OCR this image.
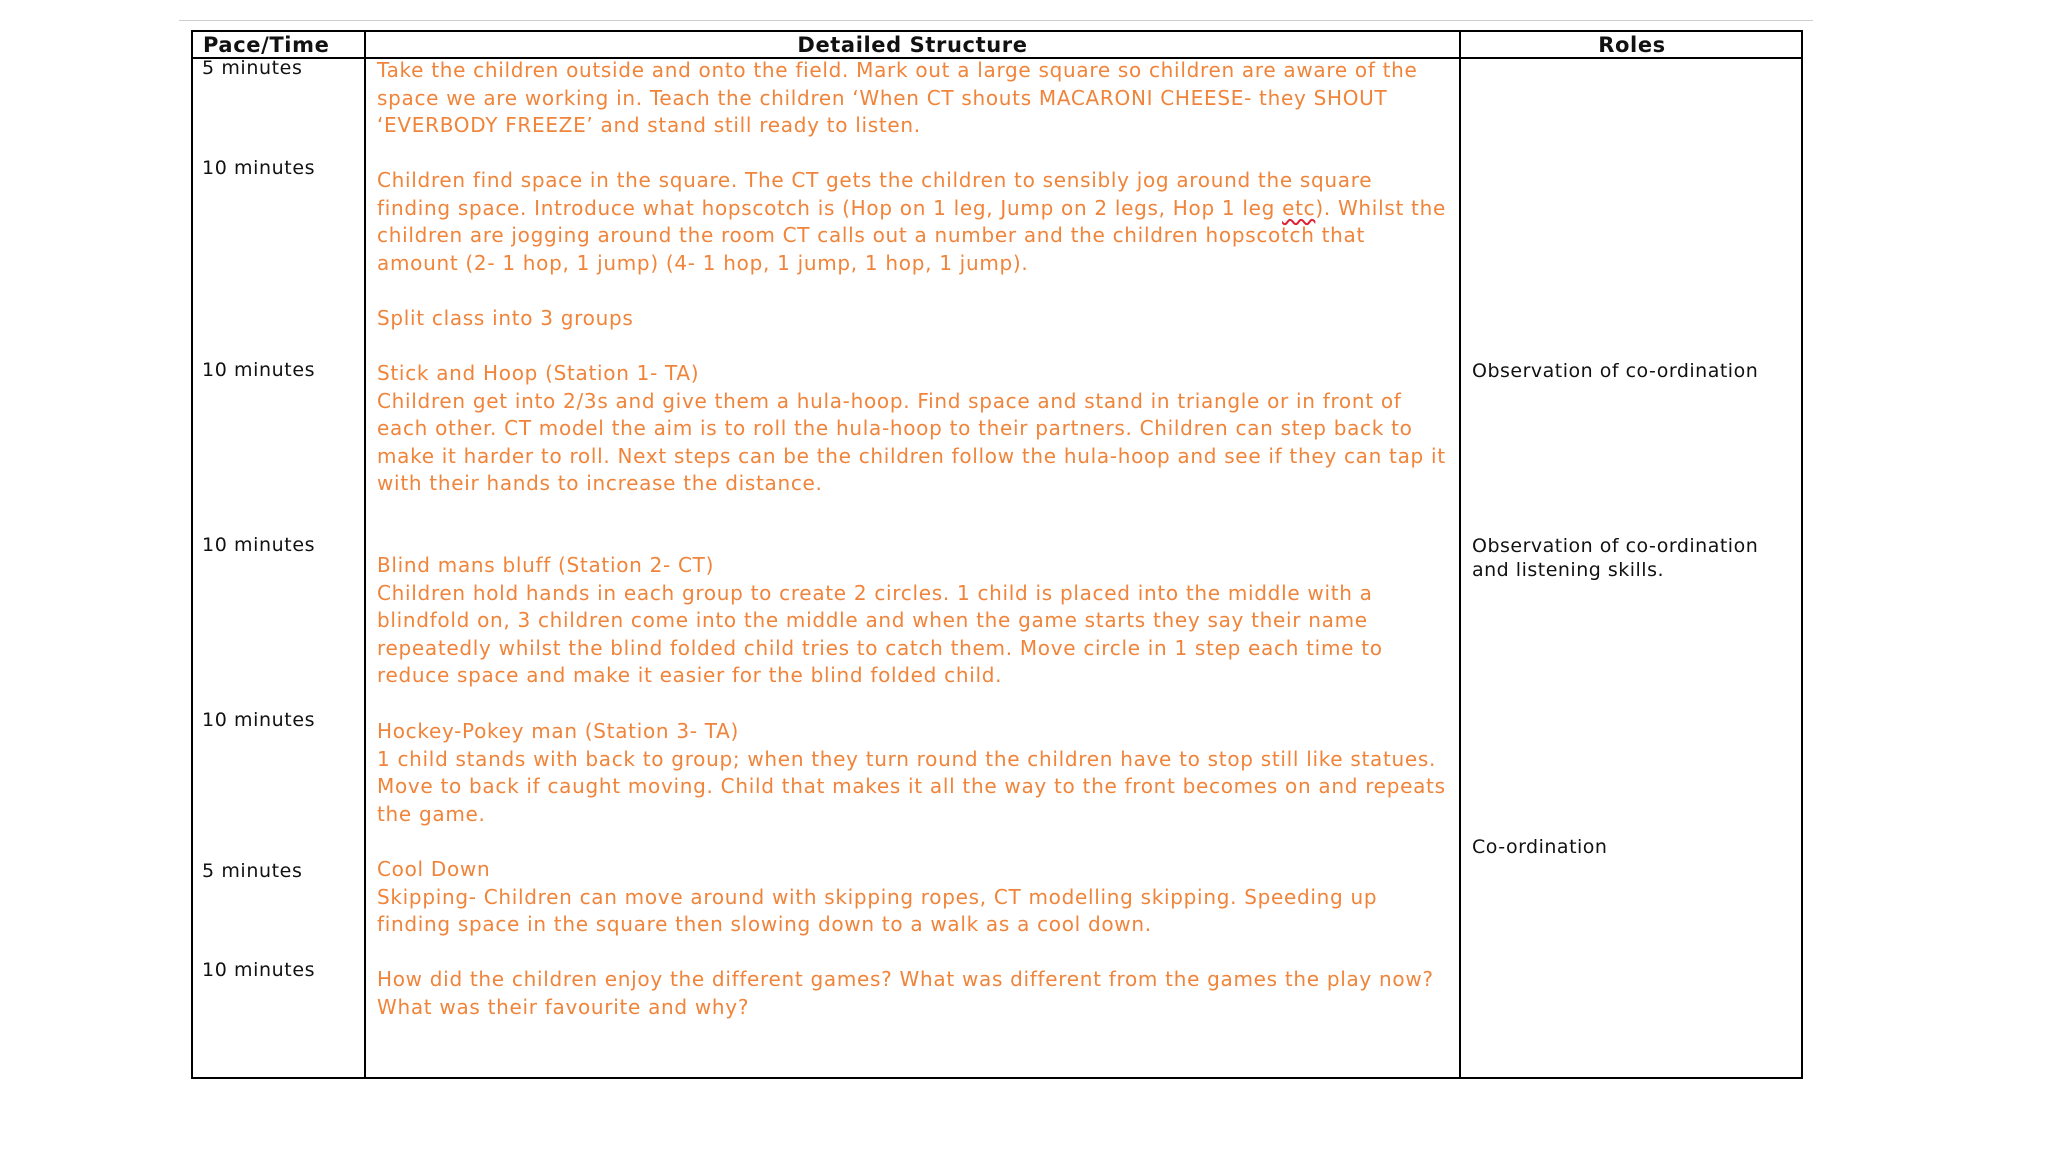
Pace/Time	Detailed Structure	Roles
5 minutes
10 minutes
10 minutes
10 minutes
10 minutes
5 minutes
10 minutes

Take the children outside and onto the field. Mark out a large square so children are aware of the space we are working in. Teach the children ‘When CT shouts MACARONI CHEESE- they SHOUT ‘EVERBODY FREEZE’ and stand still ready to listen.

Children find space in the square. The CT gets the children to sensibly jog around the square finding space. Introduce what hopscotch is (Hop on 1 leg, Jump on 2 legs, Hop 1 leg etc). Whilst the children are jogging around the room CT calls out a number and the children hopscotch that amount (2- 1 hop, 1 jump) (4- 1 hop, 1 jump, 1 hop, 1 jump).

Split class into 3 groups

Stick and Hoop (Station 1- TA)

Children get into 2/3s and give them a hula-hoop. Find space and stand in triangle or in front of each other. CT model the aim is to roll the hula-hoop to their partners. Children can step back to make it harder to roll. Next steps can be the children follow the hula-hoop and see if they can tap it with their hands to increase the distance.

Blind mans bluff (Station 2- CT)

Children hold hands in each group to create 2 circles. 1 child is placed into the middle with a blindfold on, 3 children come into the middle and when the game starts they say their name repeatedly whilst the blind folded child tries to catch them. Move circle in 1 step each time to reduce space and make it easier for the blind folded child.

Hockey-Pokey man (Station 3- TA)

1 child stands with back to group; when they turn round the children have to stop still like statues. Move to back if caught moving. Child that makes it all the way to the front becomes on and repeats the game.

Cool Down

Skipping- Children can move around with skipping ropes, CT modelling skipping. Speeding up finding space in the square then slowing down to a walk as a cool down.

How did the children enjoy the different games? What was different from the games the play now? What was their favourite and why?

Observation of co-ordination
Observation of co-ordination and listening skills.
Co-ordination
